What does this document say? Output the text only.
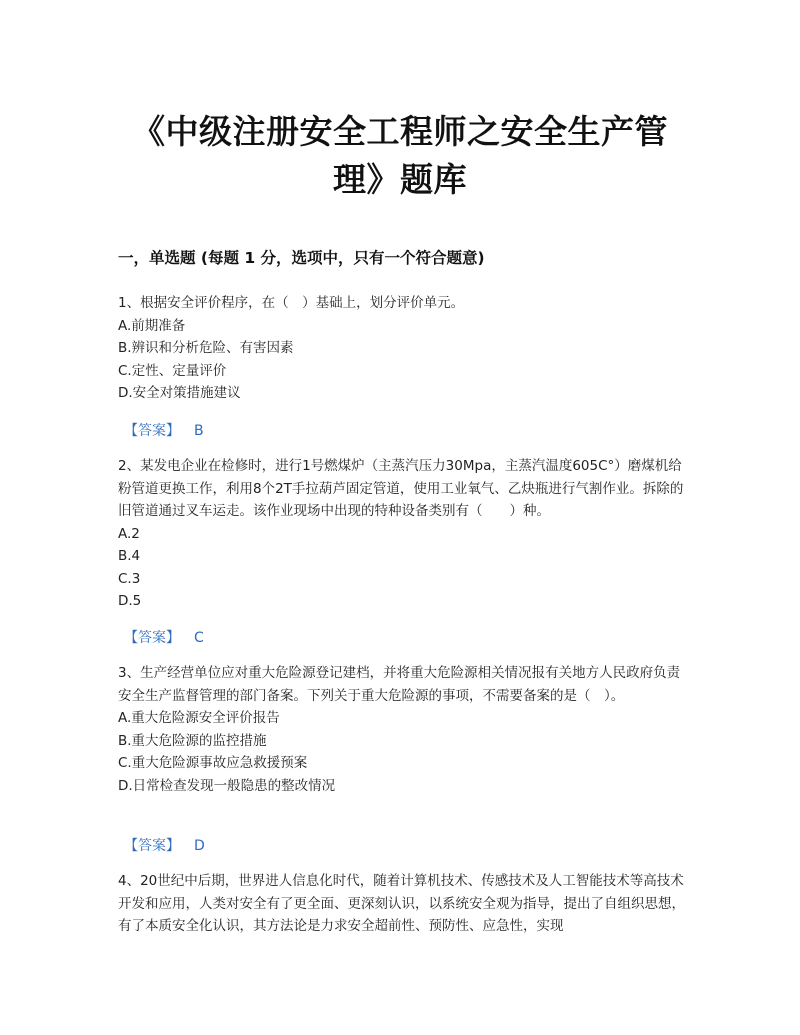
《中级注册安全工程师之安全生产管
理》题库
一，单选题 (每题 1 分，选项中，只有一个符合题意)

1、根据安全评价程序，在（　）基础上，划分评价单元。

A.前期准备

B.辨识和分析危险、有害因素

C.定性、定量评价

D.安全对策措施建议

【答案】 B

2、某发电企业在检修时，进行1号燃煤炉（主蒸汽压力30Mpa，主蒸汽温度605C°）磨煤机给粉管道更换工作，利用8个2T手拉葫芦固定管道，使用工业氧气、乙炔瓶进行气割作业。拆除的旧管道通过叉车运走。该作业现场中出现的特种设备类别有（　　）种。

A.2

B.4

C.3

D.5

【答案】 C

3、生产经营单位应对重大危险源登记建档，并将重大危险源相关情况报有关地方人民政府负责安全生产监督管理的部门备案。下列关于重大危险源的事项，不需要备案的是（　）。

A.重大危险源安全评价报告

B.重大危险源的监控措施

C.重大危险源事故应急救援预案

D.日常检查发现一般隐患的整改情况

【答案】 D

4、20世纪中后期，世界进人信息化时代，随着计算机技术、传感技术及人工智能技术等高技术开发和应用，人类对安全有了更全面、更深刻认识，以系统安全观为指导，提出了自组织思想，有了本质安全化认识，其方法论是力求安全超前性、预防性、应急性，实现
